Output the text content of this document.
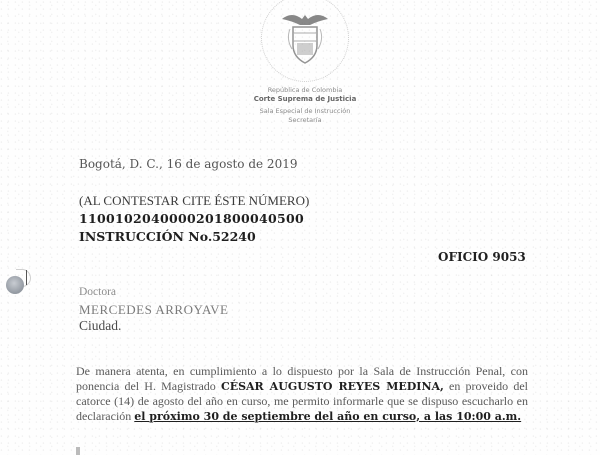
República de Colombia
Corte Suprema de Justicia
Sala Especial de Instrucción
Secretaría
Bogotá, D. C., 16 de agosto de 2019
(AL CONTESTAR CITE ÉSTE NÚMERO)
11001020400002018000405​00
INSTRUCCIÓN No.52240
OFICIO 9053
Doctora
MERCEDES ARROYAVE
Ciudad.
De manera atenta, en cumplimiento a lo dispuesto por la Sala de Instrucción Penal, con ponencia del H. Magistrado CÉSAR AUGUSTO REYES MEDINA, en proveido del catorce (14) de agosto del año en curso, me permito informarle que se dispuso escucharlo en declaración el próximo 30 de septiembre del año en curso, a las 10:00 a.m.
